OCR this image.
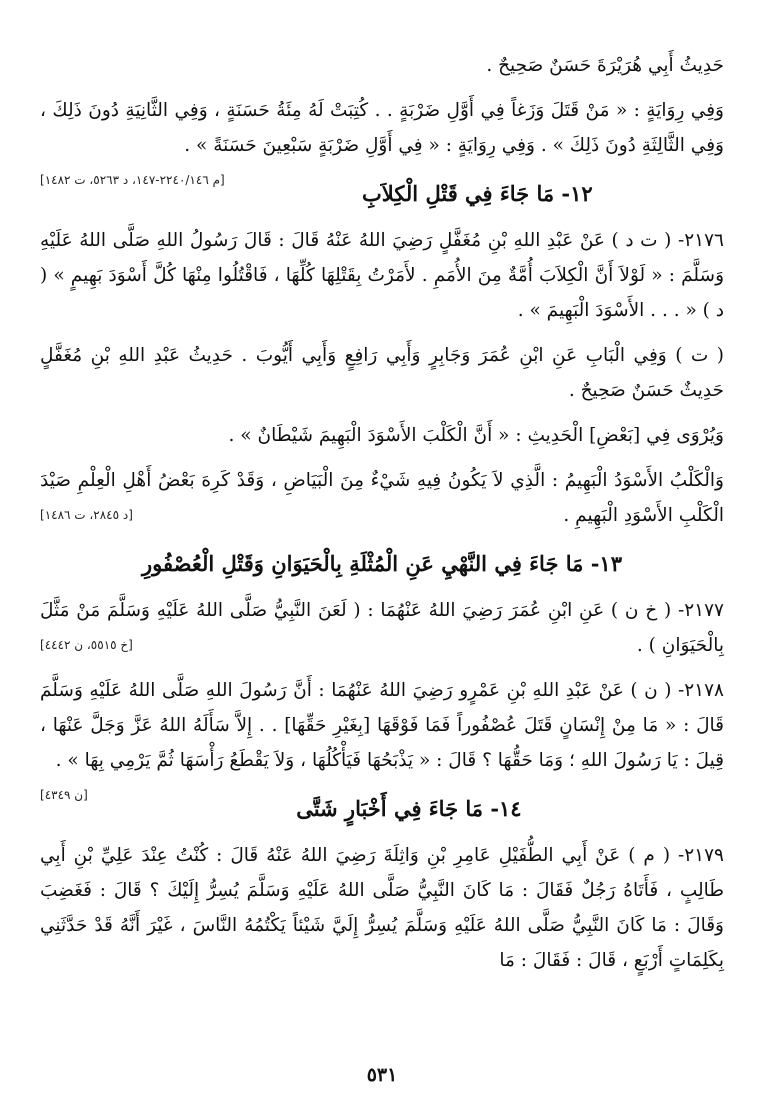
حَدِيثُ أَبِي هُرَيْرَةَ حَسَنٌ صَحِيحٌ .

وَفِي رِوَايَةٍ : « مَنْ قَتَلَ وَزَغاً فِي أَوَّلِ ضَرْبَةٍ . . كُتِبَتْ لَهُ مِئَةُ حَسَنَةٍ ، وَفِي الثَّانِيَةِ دُونَ ذَلِكَ ، وَفِي الثَّالِثَةِ دُونَ ذَلِكَ » . وَفِي رِوَايَةٍ : « فِي أَوَّلِ ضَرْبَةٍ سَبْعِينَ حَسَنَةً » .
[م ٢٢٤٠/١٤٦-١٤٧، د ٥٢٦٣، ت ١٤٨٢]

١٢- مَا جَاءَ فِي قَتْلِ الْكِلاَبِ

٢١٧٦- ( ت د ) عَنْ عَبْدِ اللهِ بْنِ مُغَفَّلٍ رَضِيَ اللهُ عَنْهُ قَالَ : قَالَ رَسُولُ اللهِ صَلَّى اللهُ عَلَيْهِ وَسَلَّمَ : « لَوْلاَ أَنَّ الْكِلاَبَ أُمَّةٌ مِنَ الأُمَمِ . لأَمَرْتُ بِقَتْلِهَا كُلِّهَا ، فَاقْتُلُوا مِنْهَا كُلَّ أَسْوَدَ بَهِيمٍ » ( د ) « . . . الأَسْوَدَ الْبَهِيمَ » .

( ت ) وَفِي الْبَابِ عَنِ ابْنِ عُمَرَ وَجَابِرٍ وَأَبِي رَافِعٍ وَأَبِي أَيُّوبَ . حَدِيثُ عَبْدِ اللهِ بْنِ مُغَفَّلٍ حَدِيثٌ حَسَنٌ صَحِيحٌ .

وَيُرْوَى فِي [بَعْضِ] الْحَدِيثِ : « أَنَّ الْكَلْبَ الأَسْوَدَ الْبَهِيمَ شَيْطَانٌ » .

وَالْكَلْبُ الأَسْوَدُ الْبَهِيمُ : الَّذِي لاَ يَكُونُ فِيهِ شَيْءٌ مِنَ الْبَيَاضِ ، وَقَدْ كَرِهَ بَعْضُ أَهْلِ الْعِلْمِ صَيْدَ الْكَلْبِ الأَسْوَدِ الْبَهِيمِ .
[د ٢٨٤٥، ت ١٤٨٦]

١٣- مَا جَاءَ فِي النَّهْيِ عَنِ الْمُثْلَةِ بِالْحَيَوَانِ وَقَتْلِ الْعُصْفُورِ

٢١٧٧- ( خ ن ) عَنِ ابْنِ عُمَرَ رَضِيَ اللهُ عَنْهُمَا : ( لَعَنَ النَّبِيُّ صَلَّى اللهُ عَلَيْهِ وَسَلَّمَ مَنْ مَثَّلَ بِالْحَيَوَانِ ) .
[خ ٥٥١٥، ن ٤٤٤٢]

٢١٧٨- ( ن ) عَنْ عَبْدِ اللهِ بْنِ عَمْرٍو رَضِيَ اللهُ عَنْهُمَا : أَنَّ رَسُولَ اللهِ صَلَّى اللهُ عَلَيْهِ وَسَلَّمَ قَالَ : « مَا مِنْ إِنْسَانٍ قَتَلَ عُصْفُوراً فَمَا فَوْقَهَا [بِغَيْرِ حَقِّهَا] . . إِلاَّ سَأَلَهُ اللهُ عَزَّ وَجَلَّ عَنْهَا ، قِيلَ : يَا رَسُولَ اللهِ ؛ وَمَا حَقُّهَا ؟ قَالَ : « يَذْبَحُهَا فَيَأْكُلُهَا ، وَلاَ يَقْطَعُ رَأْسَهَا ثُمَّ يَرْمِي بِهَا » .
[ن ٤٣٤٩]

١٤- مَا جَاءَ فِي أَخْبَارٍ شَتَّى

٢١٧٩- ( م ) عَنْ أَبِي الطُّفَيْلِ عَامِرِ بْنِ وَاثِلَةَ رَضِيَ اللهُ عَنْهُ قَالَ : كُنْتُ عِنْدَ عَلِيِّ بْنِ أَبِي طَالِبٍ ، فَأَتَاهُ رَجُلٌ فَقَالَ : مَا كَانَ النَّبِيُّ صَلَّى اللهُ عَلَيْهِ وَسَلَّمَ يُسِرُّ إِلَيْكَ ؟ قَالَ : فَغَضِبَ وَقَالَ : مَا كَانَ النَّبِيُّ صَلَّى اللهُ عَلَيْهِ وَسَلَّمَ يُسِرُّ إِلَيَّ شَيْئاً يَكْتُمُهُ النَّاسَ ، غَيْرَ أَنَّهُ قَدْ حَدَّثَنِي بِكَلِمَاتٍ أَرْبَعٍ ، قَالَ : فَقَالَ : مَا

٥٣١
